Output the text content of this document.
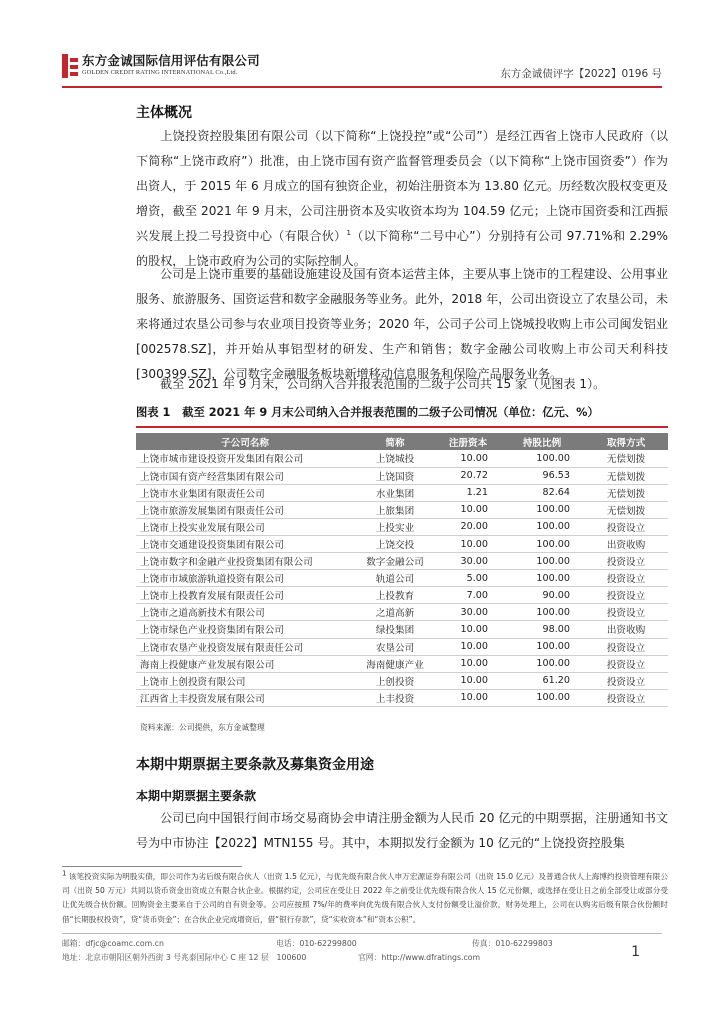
东方金诚国际信用评估有限公司
GOLDEN CREDIT RATING INTERNATIONAL Co.,Ltd.	东方金诚债评字【2022】0196 号
主体概况
上饶投资控股集团有限公司（以下简称“上饶投控”或“公司”）是经江西省上饶市人民政府（以下简称“上饶市政府”）批准，由上饶市国有资产监督管理委员会（以下简称“上饶市国资委”）作为出资人，于 2015 年 6 月成立的国有独资企业，初始注册资本为 13.80 亿元。历经数次股权变更及增资，截至 2021 年 9 月末，公司注册资本及实收资本均为 104.59 亿元；上饶市国资委和江西振兴发展上投二号投资中心（有限合伙）$^1$（以下简称“二号中心”）分别持有公司 97.71%和 2.29%的股权，上饶市政府为公司的实际控制人。
公司是上饶市重要的基础设施建设及国有资本运营主体，主要从事上饶市的工程建设、公用事业服务、旅游服务、国资运营和数字金融服务等业务。此外，2018 年，公司出资设立了农垦公司，未来将通过农垦公司参与农业项目投资等业务；2020 年，公司子公司上饶城投收购上市公司闽发铝业[002578.SZ]，并开始从事铝型材的研发、生产和销售；数字金融公司收购上市公司天利科技[300399.SZ]，公司数字金融服务板块新增移动信息服务和保险产品服务业务。
截至 2021 年 9 月末，公司纳入合并报表范围的二级子公司共 15 家（见图表 1）。
图表 1 截至 2021 年 9 月末公司纳入合并报表范围的二级子公司情况（单位：亿元、%）
子公司名称	简称	注册资本	持股比例	取得方式
上饶市城市建设投资开发集团有限公司	上饶城投	10.00	100.00	无偿划拨
上饶市国有资产经营集团有限公司	上饶国资	20.72	96.53	无偿划拨
上饶市水业集团有限责任公司	水业集团	1.21	82.64	无偿划拨
上饶市旅游发展集团有限责任公司	上旅集团	10.00	100.00	无偿划拨
上饶市上投实业发展有限公司	上投实业	20.00	100.00	投资设立
上饶市交通建设投资集团有限公司	上饶交投	10.00	100.00	出资收购
上饶市数字和金融产业投资集团有限公司	数字金融公司	30.00	100.00	投资设立
上饶市市域旅游轨道投资有限公司	轨道公司	5.00	100.00	投资设立
上饶市上投教育发展有限责任公司	上投教育	7.00	90.00	投资设立
上饶市之道高新技术有限公司	之道高新	30.00	100.00	投资设立
上饶市绿色产业投资集团有限公司	绿投集团	10.00	98.00	出资收购
上饶市农垦产业投资发展有限责任公司	农垦公司	10.00	100.00	投资设立
海南上投健康产业发展有限公司	海南健康产业	10.00	100.00	投资设立
上饶市上创投资有限公司	上创投资	10.00	61.20	投资设立
江西省上丰投资发展有限公司	上丰投资	10.00	100.00	投资设立
资料来源：公司提供，东方金诚整理
本期中期票据主要条款及募集资金用途
本期中期票据主要条款
公司已向中国银行间市场交易商协会申请注册金额为人民币 20 亿元的中期票据，注册通知书文号为中市协注【2022】MTN155 号。其中，本期拟发行金额为 10 亿元的“上饶投资控股集
$^1$ 该笔投资实际为明股实债，即公司作为劣后级有限合伙人（出资 1.5 亿元），与优先级有限合伙人申万宏源证券有限公司（出资 15.0 亿元）及普通合伙人上海博约投资管理有限公司（出资 50 万元）共同以货币资金出资成立有限合伙企业。根据约定，公司应在受让日 2022 年之前受让优先级有限合伙人 15 亿元份额，或选择在受让日之前全部受让或部分受让优先级合伙份额。回购资金主要来自于公司的自有资金等。公司应按照 7%/年的费率向优先级有限合伙人支付份额受让溢价款，财务处理上，公司在认购劣后级有限合伙份额时借“长期股权投资”，贷“货币资金”；在合伙企业完成增资后，借“银行存款”，贷“实收资本”和“资本公积”。
邮箱：dfjc@coamc.com.cn	电话：010-62299800	传真：010-62299803
地址：北京市朝阳区朝外西街 3 号兆泰国际中心 C 座 12 层　100600	官网：http://www.dfratings.com	1
